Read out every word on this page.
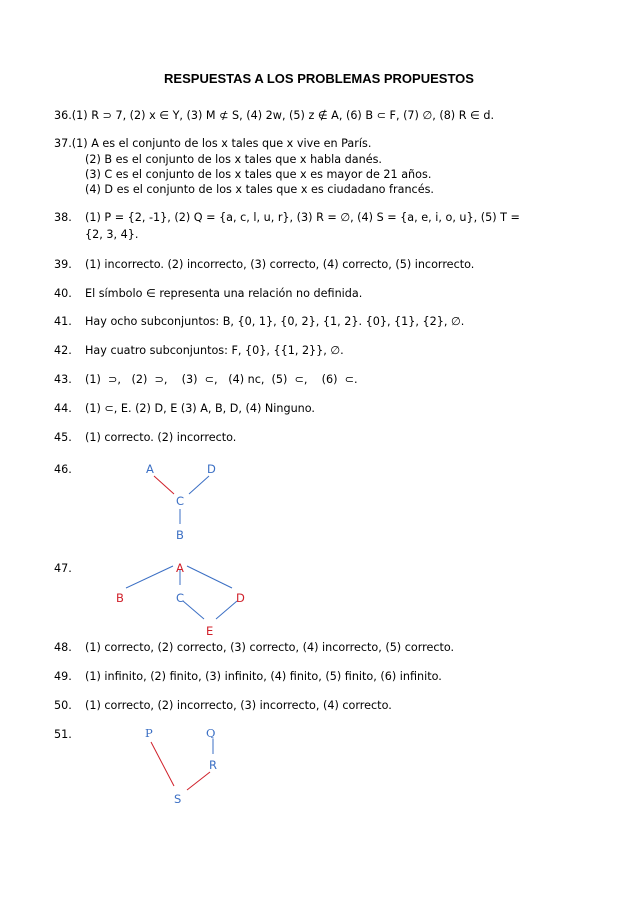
RESPUESTAS A LOS PROBLEMAS PROPUESTOS
36.(1) R ⊃ 7, (2) x ∈ Y, (3) M ⊄ S, (4) 2w, (5) z ∉ A, (6) B ⊂ F, (7) ∅, (8) R ∈ d.
37.(1) A es el conjunto de los x tales que x vive en París.
(2) B es el conjunto de los x tales que x habla danés.
(3) C es el conjunto de los x tales que x es mayor de 21 años.
(4) D es el conjunto de los x tales que x es ciudadano francés.
38. (1) P = {2, -1}, (2) Q = {a, c, l, u, r}, (3) R = ∅, (4) S = {a, e, i, o, u}, (5) T =
{2, 3, 4}.
39. (1) incorrecto. (2) incorrecto, (3) correcto, (4) correcto, (5) incorrecto.
40. El símbolo ∈ representa una relación no definida.
41. Hay ocho subconjuntos: B, {0, 1}, {0, 2}, {1, 2}. {0}, {1}, {2}, ∅.
42. Hay cuatro subconjuntos: F, {0}, {{1, 2}}, ∅.
43. (1)  ⊃,   (2)  ⊃,    (3)  ⊂,   (4) nc,  (5)  ⊂,    (6)  ⊂.
44. (1) ⊂, E. (2) D, E (3) A, B, D, (4) Ninguno.
45. (1) correcto. (2) incorrecto.
46.	A	D
C
B
47.	A
B	C	D
E
48. (1) correcto, (2) correcto, (3) correcto, (4) incorrecto, (5) correcto.
49. (1) infinito, (2) finito, (3) infinito, (4) finito, (5) finito, (6) infinito.
50. (1) correcto, (2) incorrecto, (3) incorrecto, (4) correcto.
51.	P	Q
R
S
